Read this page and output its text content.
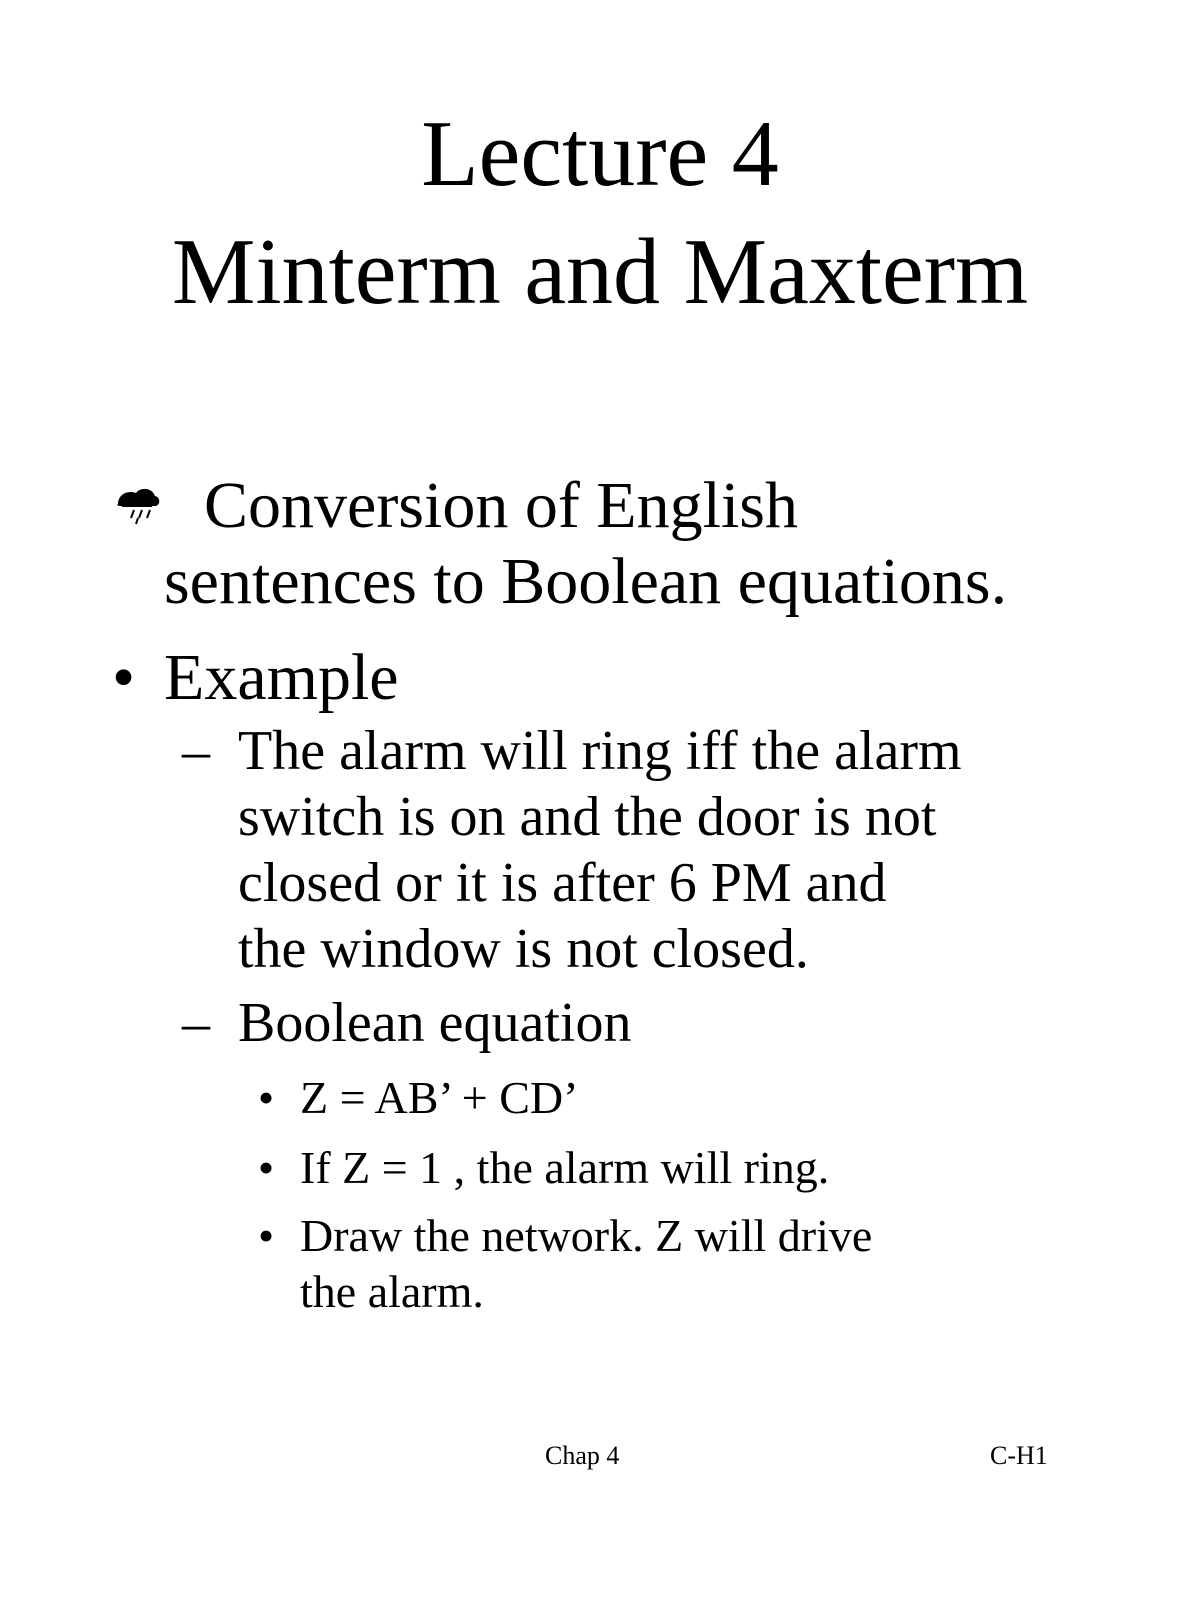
Lecture 4
Minterm and Maxterm
Conversion of English
sentences to Boolean equations.
• Example
– The alarm will ring iff the alarm
switch is on and the door is not
closed or it is after 6 PM and
the window is not closed.
– Boolean equation
• Z = AB’ + CD’
• If Z = 1 , the alarm will ring.
• Draw the network. Z will drive
the alarm.
Chap 4	C-H1
